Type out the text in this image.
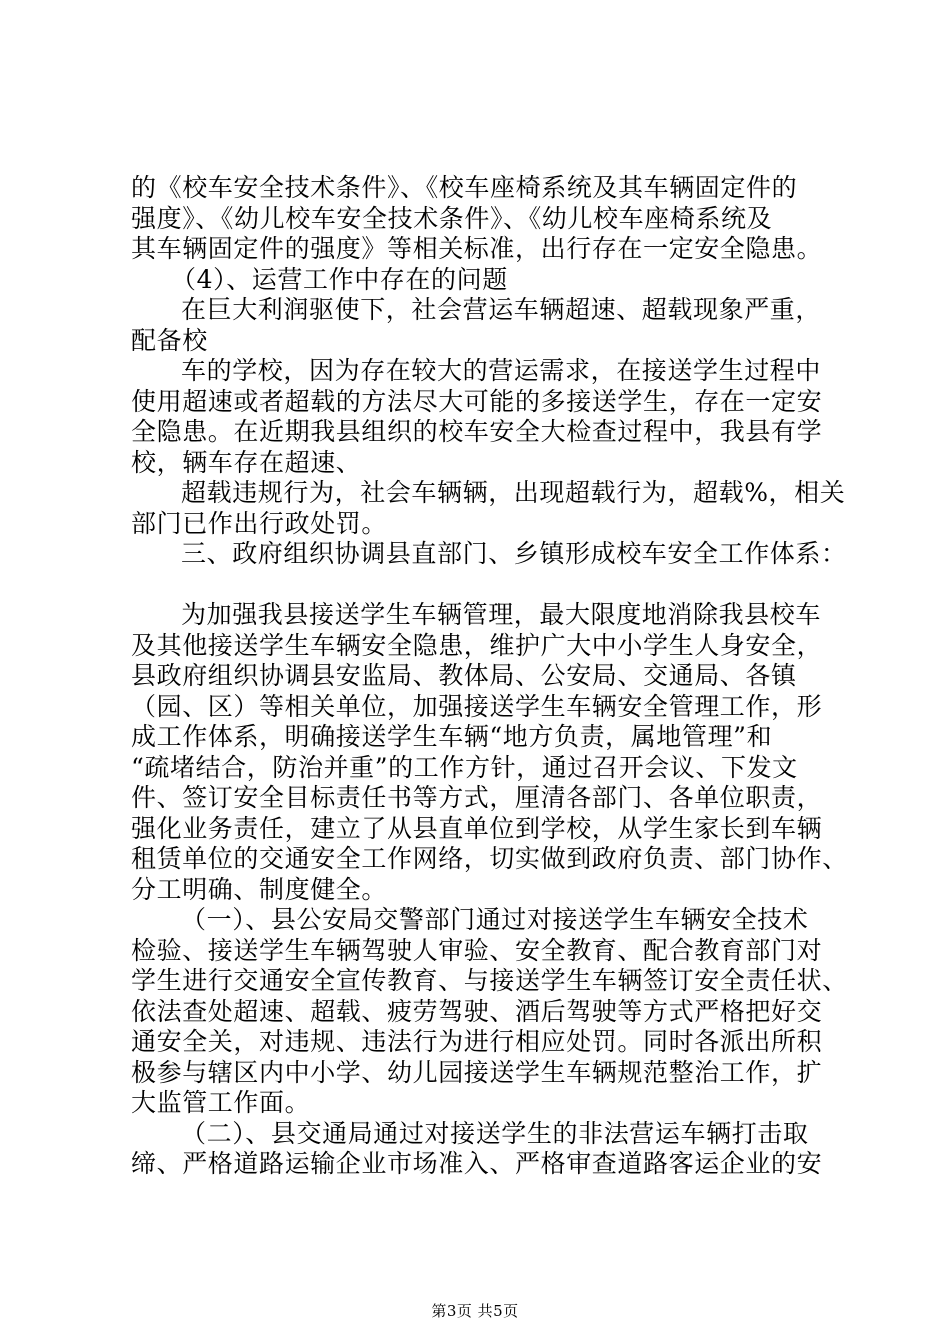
的《校车安全技术条件》、《校车座椅系统及其车辆固定件的
强度》、《幼儿校车安全技术条件》、《幼儿校车座椅系统及
其车辆固定件的强度》等相关标准，出行存在一定安全隐患。
（4）、运营工作中存在的问题
在巨大利润驱使下，社会营运车辆超速、超载现象严重，
配备校
车的学校，因为存在较大的营运需求，在接送学生过程中
使用超速或者超载的方法尽大可能的多接送学生，存在一定安
全隐患。在近期我县组织的校车安全大检查过程中，我县有学
校，辆车存在超速、
超载违规行为，社会车辆辆，出现超载行为，超载%，相关
部门已作出行政处罚。
三、政府组织协调县直部门、乡镇形成校车安全工作体系：
为加强我县接送学生车辆管理，最大限度地消除我县校车
及其他接送学生车辆安全隐患，维护广大中小学生人身安全，
县政府组织协调县安监局、教体局、公安局、交通局、各镇
（园、区）等相关单位，加强接送学生车辆安全管理工作，形
成工作体系，明确接送学生车辆“地方负责，属地管理”和
“疏堵结合，防治并重”的工作方针，通过召开会议、下发文
件、签订安全目标责任书等方式，厘清各部门、各单位职责，
强化业务责任，建立了从县直单位到学校，从学生家长到车辆
租赁单位的交通安全工作网络，切实做到政府负责、部门协作、
分工明确、制度健全。
（一）、县公安局交警部门通过对接送学生车辆安全技术
检验、接送学生车辆驾驶人审验、安全教育、配合教育部门对
学生进行交通安全宣传教育、与接送学生车辆签订安全责任状、
依法查处超速、超载、疲劳驾驶、酒后驾驶等方式严格把好交
通安全关，对违规、违法行为进行相应处罚。同时各派出所积
极参与辖区内中小学、幼儿园接送学生车辆规范整治工作，扩
大监管工作面。
（二）、县交通局通过对接送学生的非法营运车辆打击取
缔、严格道路运输企业市场准入、严格审查道路客运企业的安
第3页 共5页
